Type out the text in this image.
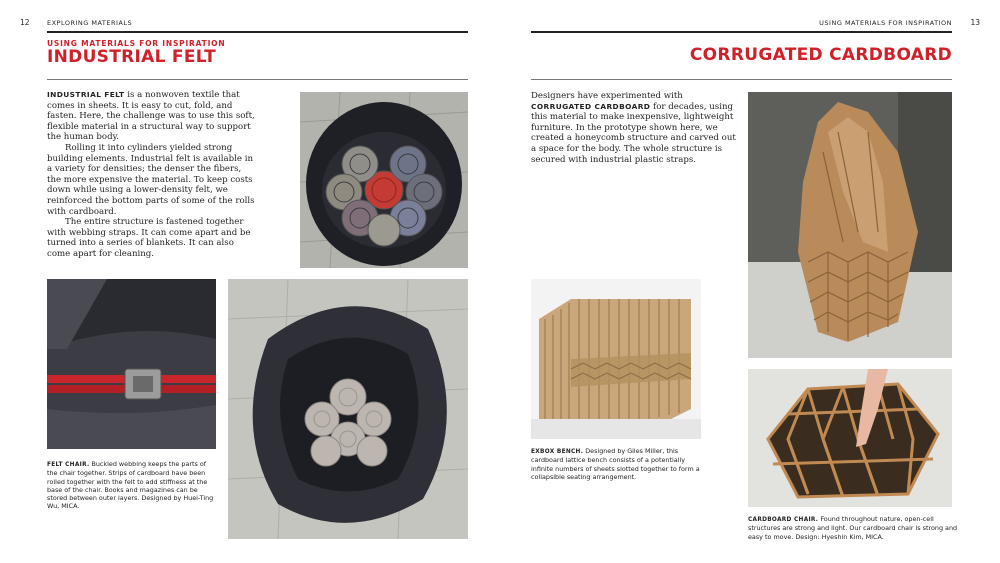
12	EXPLORING MATERIALS
USING MATERIALS FOR INSPIRATION
INDUSTRIAL FELT

INDUSTRIAL FELT is a nonwoven textile that comes in sheets. It is easy to cut, fold, and fasten. Here, the challenge was to use this soft, flexible material in a structural way to support the human body.

Rolling it into cylinders yielded strong building elements. Industrial felt is available in a variety for densities; the denser the fibers, the more expensive the material. To keep costs down while using a lower-density felt, we reinforced the bottom parts of some of the rolls with cardboard.

The entire structure is fastened together with webbing straps. It can come apart and be turned into a series of blankets. It can also come apart for cleaning.

FELT CHAIR. Buckled webbing keeps the parts of the chair together. Strips of cardboard have been rolled together with the felt to add stiffness at the base of the chair. Books and magazines can be stored between outer layers. Designed by Huei-Ting Wu, MICA.
USING MATERIALS FOR INSPIRATION 13
CORRUGATED CARDBOARD

Designers have experimented with CORRUGATED CARDBOARD for decades, using this material to make inexpensive, lightweight furniture. In the prototype shown here, we created a honeycomb structure and carved out a space for the body. The whole structure is secured with industrial plastic straps.

EXBOX BENCH. Designed by Giles Miller, this cardboard lattice bench consists of a potentially infinite numbers of sheets slotted together to form a collapsible seating arrangement.
CARDBOARD CHAIR. Found throughout nature, open-cell structures are strong and light. Our cardboard chair is strong and easy to move. Design: Hyeshin Kim, MICA.
